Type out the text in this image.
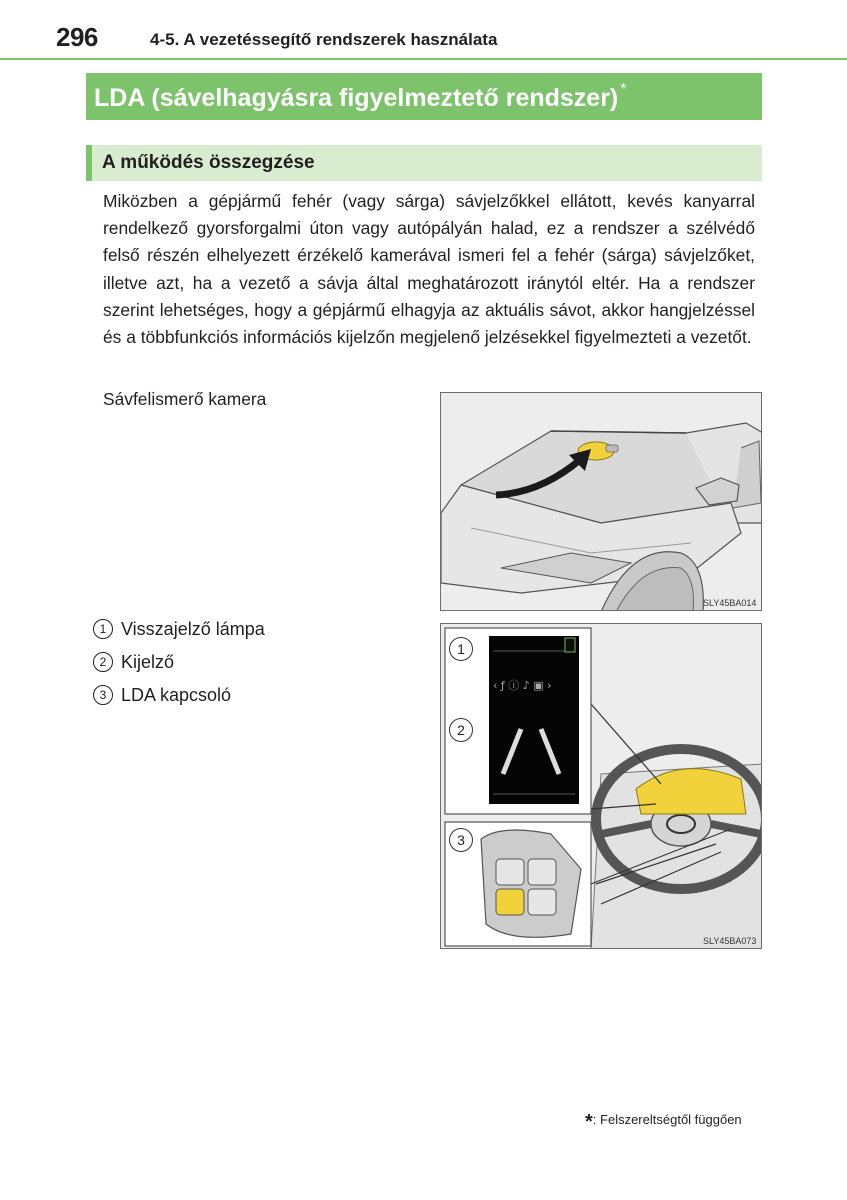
296	4-5. A vezetéssegítő rendszerek használata
LDA (sávelhagyásra figyelmeztető rendszer) *
A működés összegzése

Miközben a gépjármű fehér (vagy sárga) sávjelzőkkel ellátott, kevés kanyarral rendelkező gyorsforgalmi úton vagy autópályán halad, ez a rendszer a szélvédő felső részén elhelyezett érzékelő kamerával ismeri fel a fehér (sárga) sávjelzőket, illetve azt, ha a vezető a sávja által meghatározott iránytól eltér. Ha a rendszer szerint lehetséges, hogy a gépjármű elhagyja az aktuális sávot, akkor hangjelzéssel és a többfunkciós információs kijelzőn megjelenő jelzésekkel figyelmezteti a vezetőt.

Sávfelismerő kamera
SLY45BA014
1 Visszajelző lámpa
2 Kijelző
3 LDA kapcsoló	‹ ƒ ⓘ ♪ ▣ ›
1
2
3
SLY45BA073
*: Felszereltségtől függően
